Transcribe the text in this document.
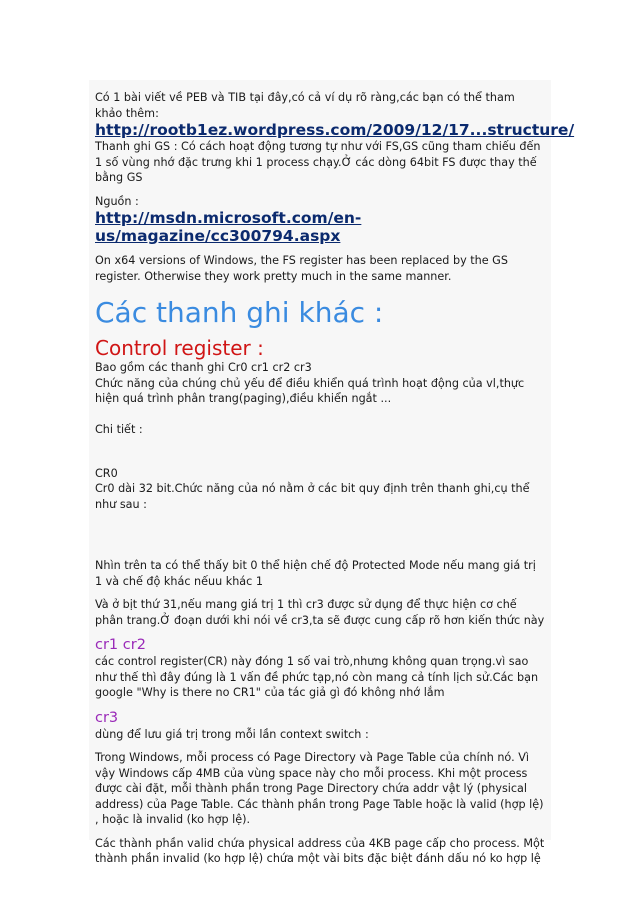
Có 1 bài viết về PEB và TIB tại đây,có cả ví dụ rõ ràng,các bạn có thể tham khảo thêm:

http://rootb1ez.wordpress.com/2009/12/17...structure/

Thanh ghi GS : Có cách hoạt động tương tự như với FS,GS cũng tham chiếu đến 1 số vùng nhớ đặc trưng khi 1 process chạy.Ở các dòng 64bit FS được thay thế bằng GS

Nguồn :

http://msdn.microsoft.com/en-

us/magazine/cc300794.aspx

On x64 versions of Windows, the FS register has been replaced by the GS register. Otherwise they work pretty much in the same manner.

Các thanh ghi khác :
Control register :

Bao gồm các thanh ghi Cr0 cr1 cr2 cr3

Chức năng của chúng chủ yếu để điều khiển quá trình hoạt động của vl,thực hiện quá trình phân trang(paging),điều khiển ngắt ...

Chi tiết :

CR0

Cr0 dài 32 bit.Chức năng của nó nằm ở các bit quy định trên thanh ghi,cụ thể như sau :

Nhìn trên ta có thể thấy bit 0 thể hiện chế độ Protected Mode nếu mang giá trị 1 và chế độ khác nếuu khác 1

Và ở bịt thứ 31,nếu mang giá trị 1 thì cr3 được sử dụng để thực hiện cơ chế phân trang.Ở đoạn dưới khi nói về cr3,ta sẽ được cung cấp rõ hơn kiến thức này

cr1 cr2

các control register(CR) này đóng 1 số vai trò,nhưng không quan trọng.vì sao như thế thì đây đúng là 1 vấn đề phức tạp,nó còn mang cả tính lịch sử.Các bạn google "Why is there no CR1" của tác giả gì đó không nhớ lắm

cr3

dùng để lưu giá trị trong mỗi lần context switch :

Trong Windows, mỗi process có Page Directory và Page Table của chính nó. Vì vậy Windows cấp 4MB của vùng space này cho mỗi process. Khi một process được cài đặt, mỗi thành phần trong Page Directory chứa addr vật lý (physical address) của Page Table. Các thành phần trong Page Table hoặc là valid (hợp lệ) , hoặc là invalid (ko hợp lệ).

Các thành phần valid chứa physical address của 4KB page cấp cho process. Một thành phần invalid (ko hợp lệ) chứa một vài bits đặc biệt đánh dấu nó ko hợp lệ
